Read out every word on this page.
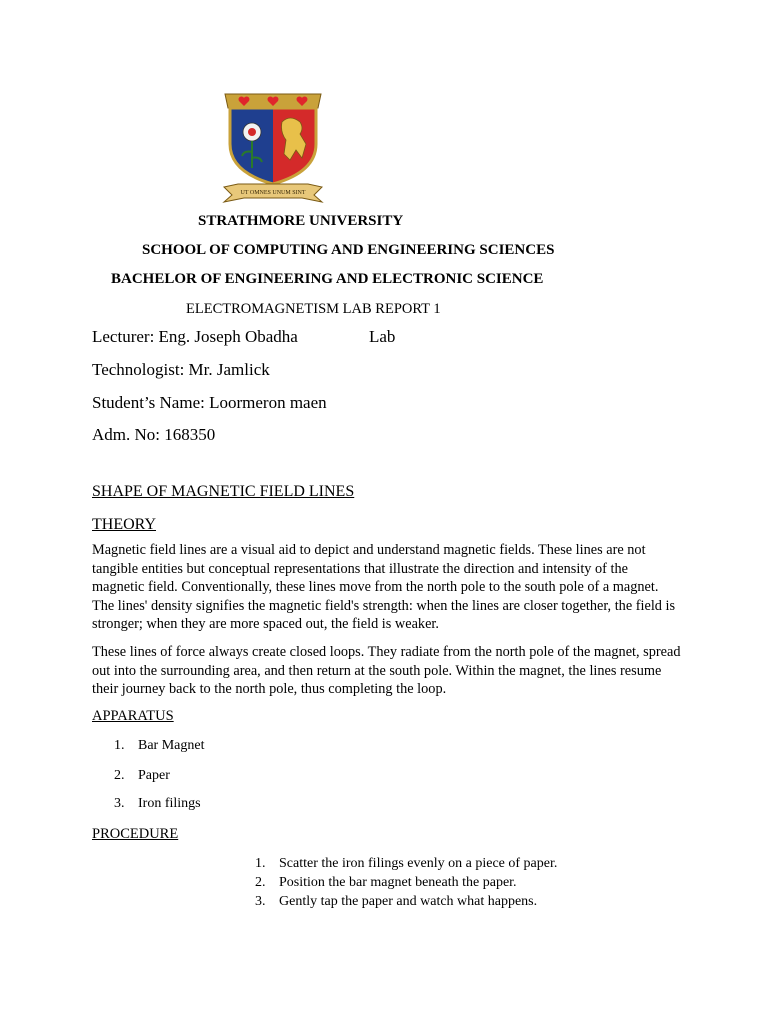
UT OMNES UNUM SINT
STRATHMORE UNIVERSITY
SCHOOL OF COMPUTING AND ENGINEERING SCIENCES
BACHELOR OF ENGINEERING AND ELECTRONIC SCIENCE
ELECTROMAGNETISM LAB REPORT 1
Lecturer: Eng. Joseph Obadha	Lab
Technologist: Mr. Jamlick
Student’s Name: Loormeron maen
Adm. No: 168350
SHAPE OF MAGNETIC FIELD LINES
THEORY
Magnetic field lines are a visual aid to depict and understand magnetic fields. These lines are not tangible entities but conceptual representations that illustrate the direction and intensity of the magnetic field. Conventionally, these lines move from the north pole to the south pole of a magnet. The lines' density signifies the magnetic field's strength: when the lines are closer together, the field is stronger; when they are more spaced out, the field is weaker.
These lines of force always create closed loops. They radiate from the north pole of the magnet, spread out into the surrounding area, and then return at the south pole. Within the magnet, the lines resume their journey back to the north pole, thus completing the loop.
APPARATUS
1. Bar Magnet
2. Paper
3. Iron filings
PROCEDURE
1. Scatter the iron filings evenly on a piece of paper.
2. Position the bar magnet beneath the paper.
3. Gently tap the paper and watch what happens.
